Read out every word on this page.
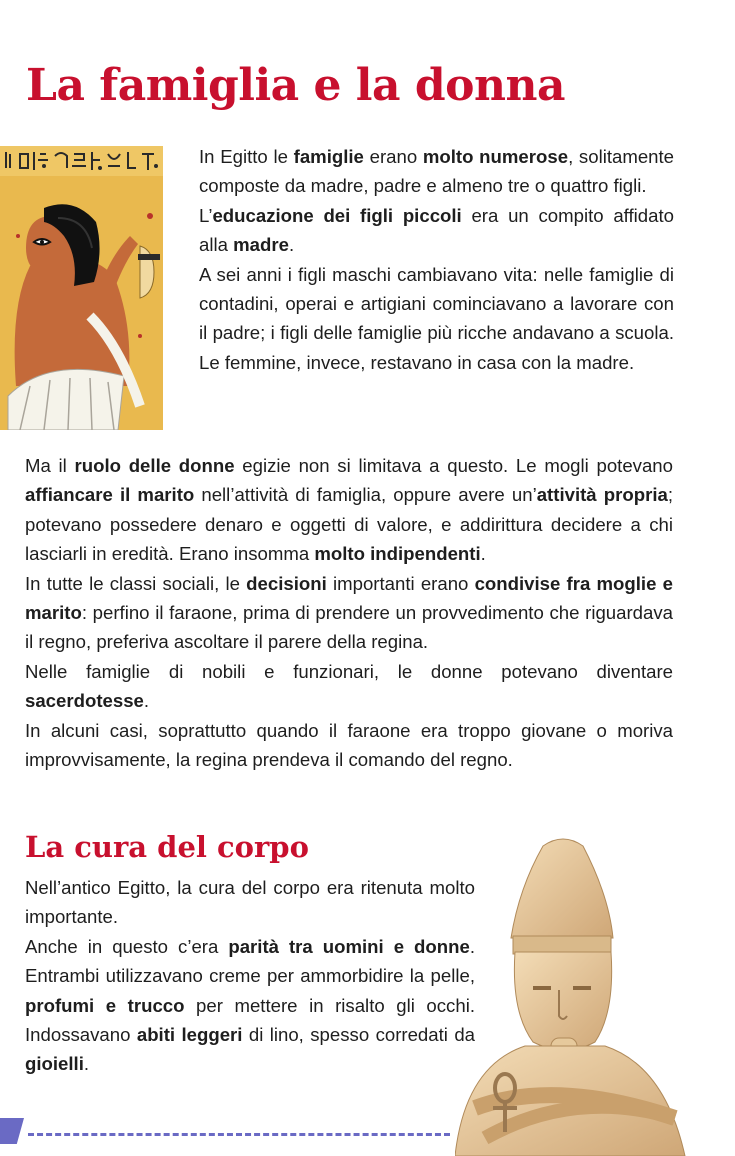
La famiglia e la donna
In Egitto le famiglie erano molto numerose, solitamente composte da madre, padre e almeno tre o quattro figli.
L’educazione dei figli piccoli era un compito affidato alla madre.
A sei anni i figli maschi cambiavano vita: nelle famiglie di contadini, operai e artigiani cominciavano a lavorare con il padre; i figli delle famiglie più ricche andavano a scuola. Le femmine, invece, restavano in casa con la madre.
Ma il ruolo delle donne egizie non si limitava a questo. Le mogli potevano affiancare il marito nell’attività di famiglia, oppure avere un’attività propria; potevano possedere denaro e oggetti di valore, e addirittura decidere a chi lasciarli in eredità. Erano insomma molto indipendenti.
In tutte le classi sociali, le decisioni importanti erano condivise fra moglie e marito: perfino il faraone, prima di prendere un provvedimento che riguardava il regno, preferiva ascoltare il parere della regina.
Nelle famiglie di nobili e funzionari, le donne potevano diventare sacerdotesse.
In alcuni casi, soprattutto quando il faraone era troppo giovane o moriva improvvisamente, la regina prendeva il comando del regno.
La cura del corpo
Nell’antico Egitto, la cura del corpo era ritenuta molto importante.
Anche in questo c’era parità tra uomini e donne. Entrambi utilizzavano creme per ammorbidire la pelle, profumi e trucco per mettere in risalto gli occhi. Indossavano abiti leggeri di lino, spesso corredati da gioielli.
